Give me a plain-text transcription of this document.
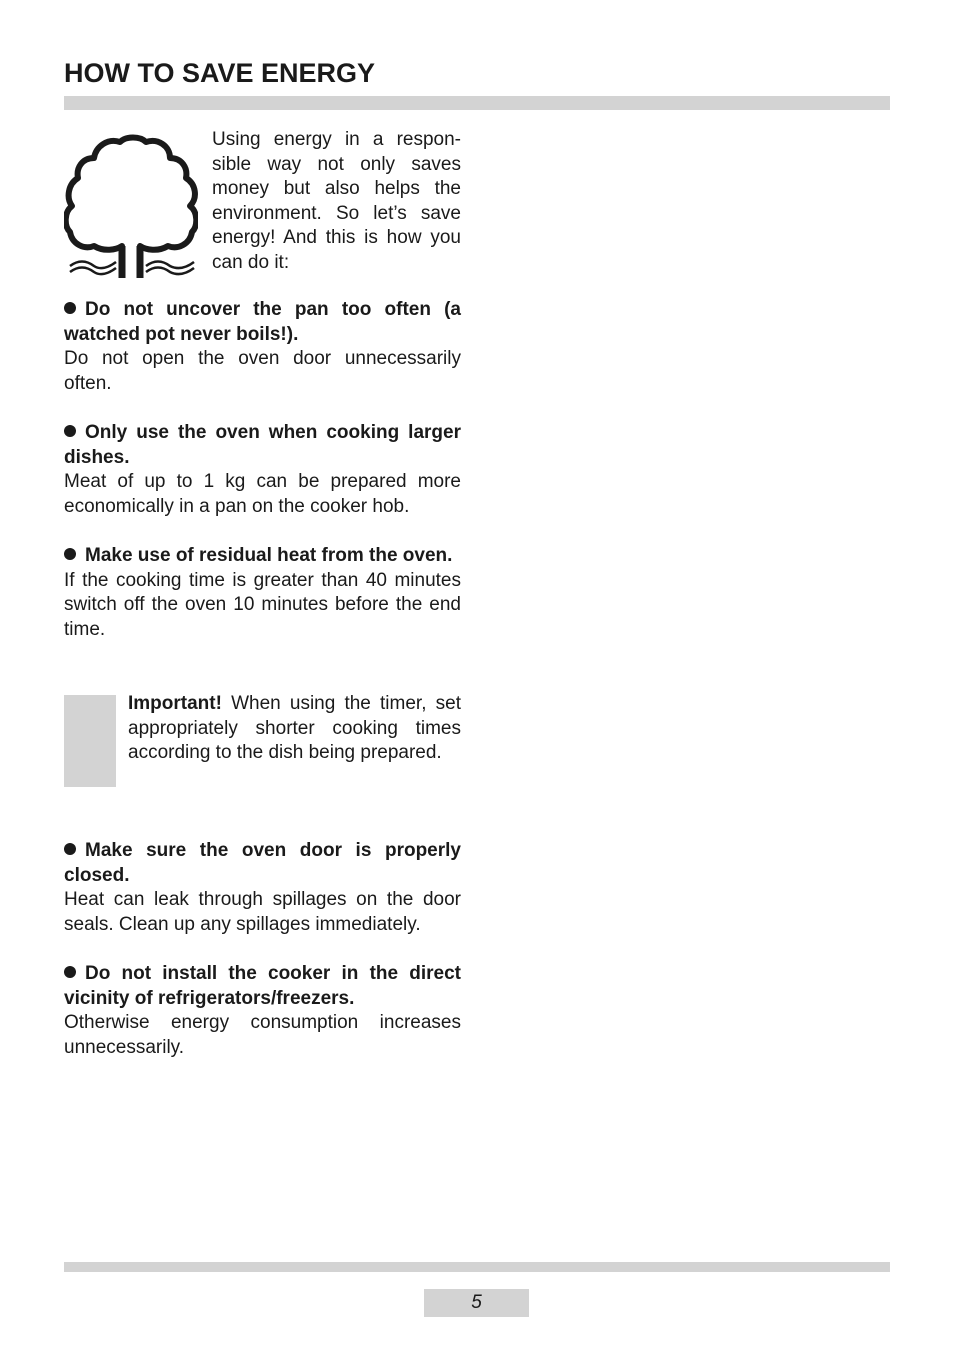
HOW TO SAVE ENERGY

Using energy in a respon-sible way not only saves money but also helps the environment. So let’s save energy! And this is how you can do it:

Do not uncover the pan too often (a watched pot never boils!).

Do not open the oven door unnecessarily often.

Only use the oven when cooking larger dishes.

Meat of up to 1 kg can be prepared more economically in a pan on the cooker hob.

Make use of residual heat from the oven.

If the cooking time is greater than 40 minutes switch off the oven 10 minutes before the end time.

Important! When using the timer, set appropriately shorter cooking times according to the dish being prepared.

Make sure the oven door is properly closed.

Heat can leak through spillages on the door seals. Clean up any spillages immediately.

Do not install the cooker in the direct vicinity of refrigerators/freezers.

Otherwise energy consumption increases unnecessarily.

5
